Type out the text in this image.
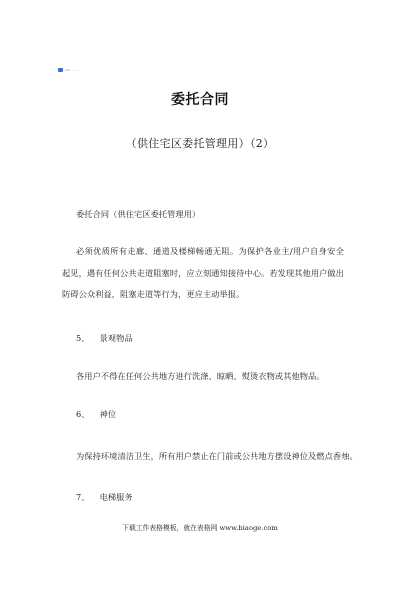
bzx — —
委托合同
（供住宅区委托管理用）（2）
委托合同（供住宅区委托管理用）
必须优质所有走廊、通道及楼梯畅通无阻。为保护各业主/用户自身安全起见，遇有任何公共走道阻塞时，应立刻通知接待中心。若发现其他用户做出防碍公众利益，阻塞走道等行为，更应主动举报。
5、 景观物品
各用户不得在任何公共地方进行洗涤、晾晒、熨烫衣物或其他物品。
6、 神位
为保持环境清洁卫生，所有用户禁止在门前或公共地方摆设神位及燃点香烛。
7、 电梯服务
下载工作表格模板，就在表格网 www.biaoge.com
